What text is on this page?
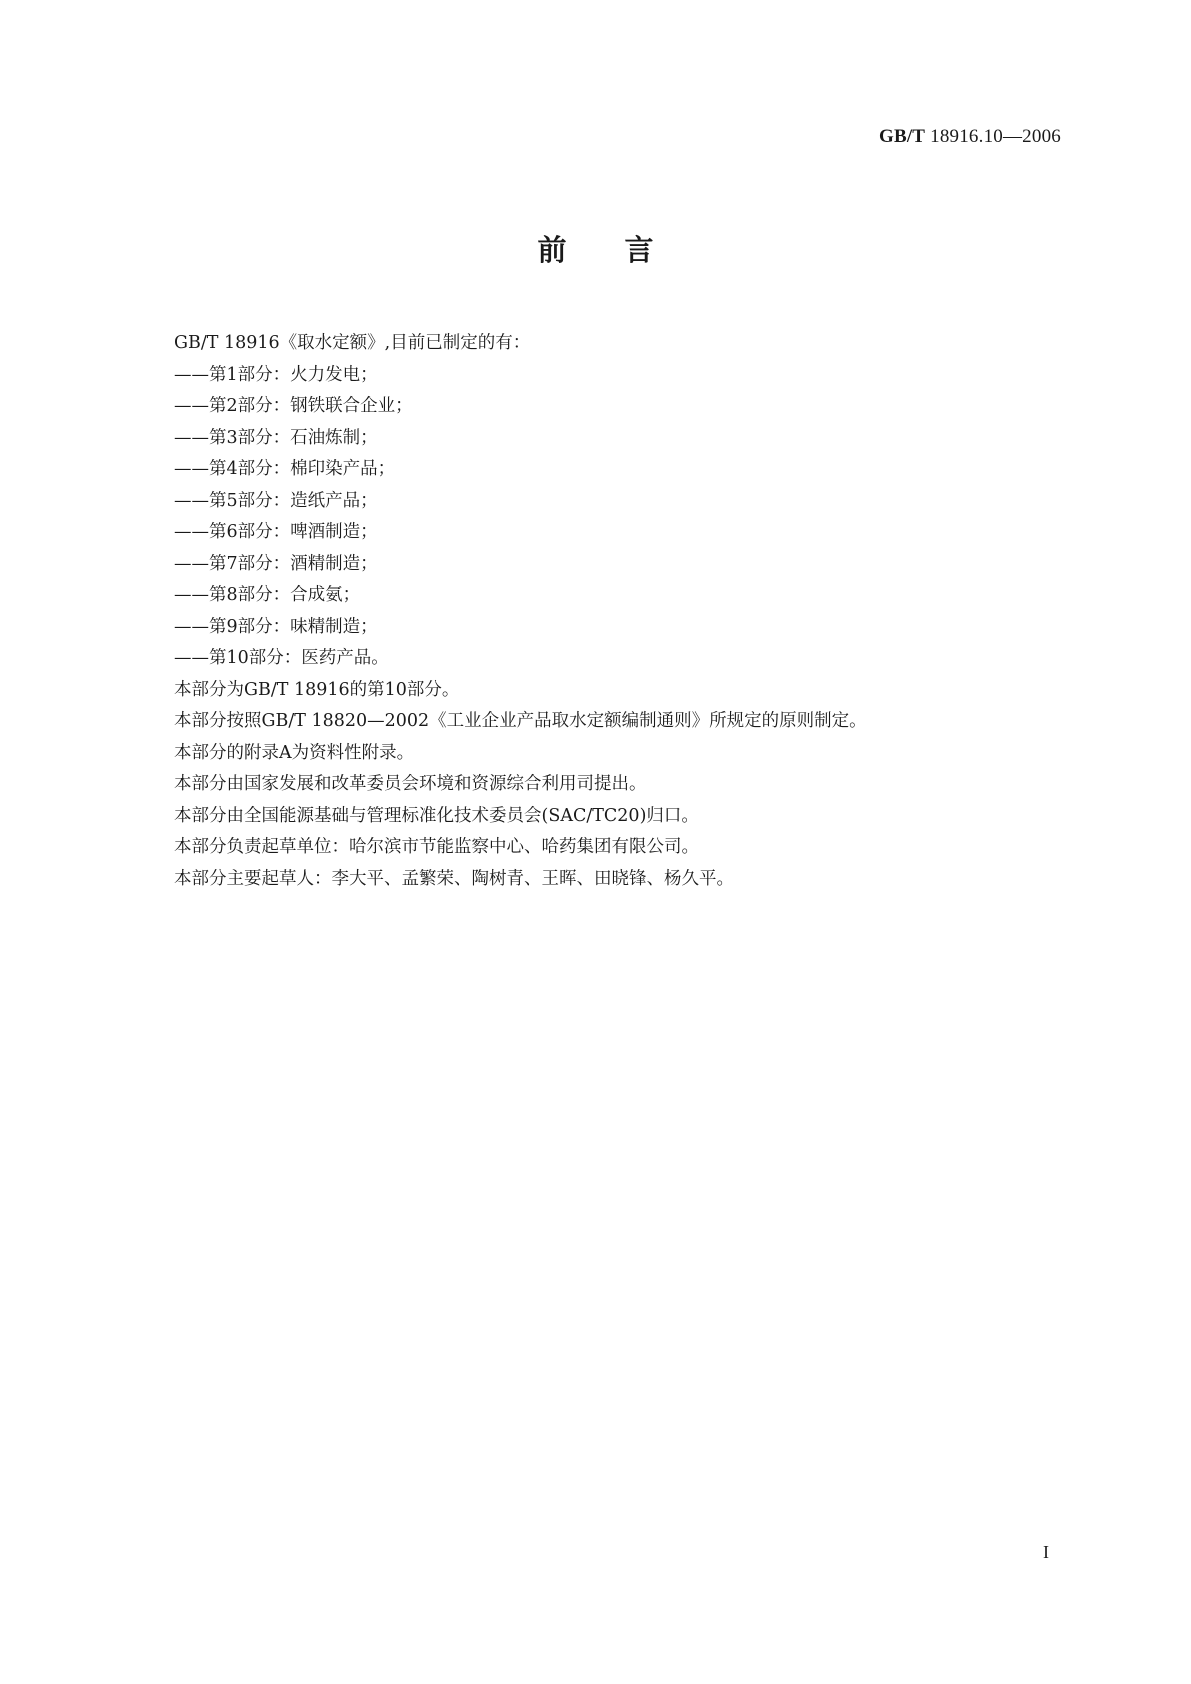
GB/T 18916.10—2006
前言
GB/T 18916《取水定额》,目前已制定的有：
——第1部分：火力发电；
——第2部分：钢铁联合企业；
——第3部分：石油炼制；
——第4部分：棉印染产品；
——第5部分：造纸产品；
——第6部分：啤酒制造；
——第7部分：酒精制造；
——第8部分：合成氨；
——第9部分：味精制造；
——第10部分：医药产品。
本部分为GB/T 18916的第10部分。
本部分按照GB/T 18820—2002《工业企业产品取水定额编制通则》所规定的原则制定。
本部分的附录A为资料性附录。
本部分由国家发展和改革委员会环境和资源综合利用司提出。
本部分由全国能源基础与管理标准化技术委员会(SAC/TC20)归口。
本部分负责起草单位：哈尔滨市节能监察中心、哈药集团有限公司。
本部分主要起草人：李大平、孟繁荣、陶树青、王晖、田晓锋、杨久平。
I
